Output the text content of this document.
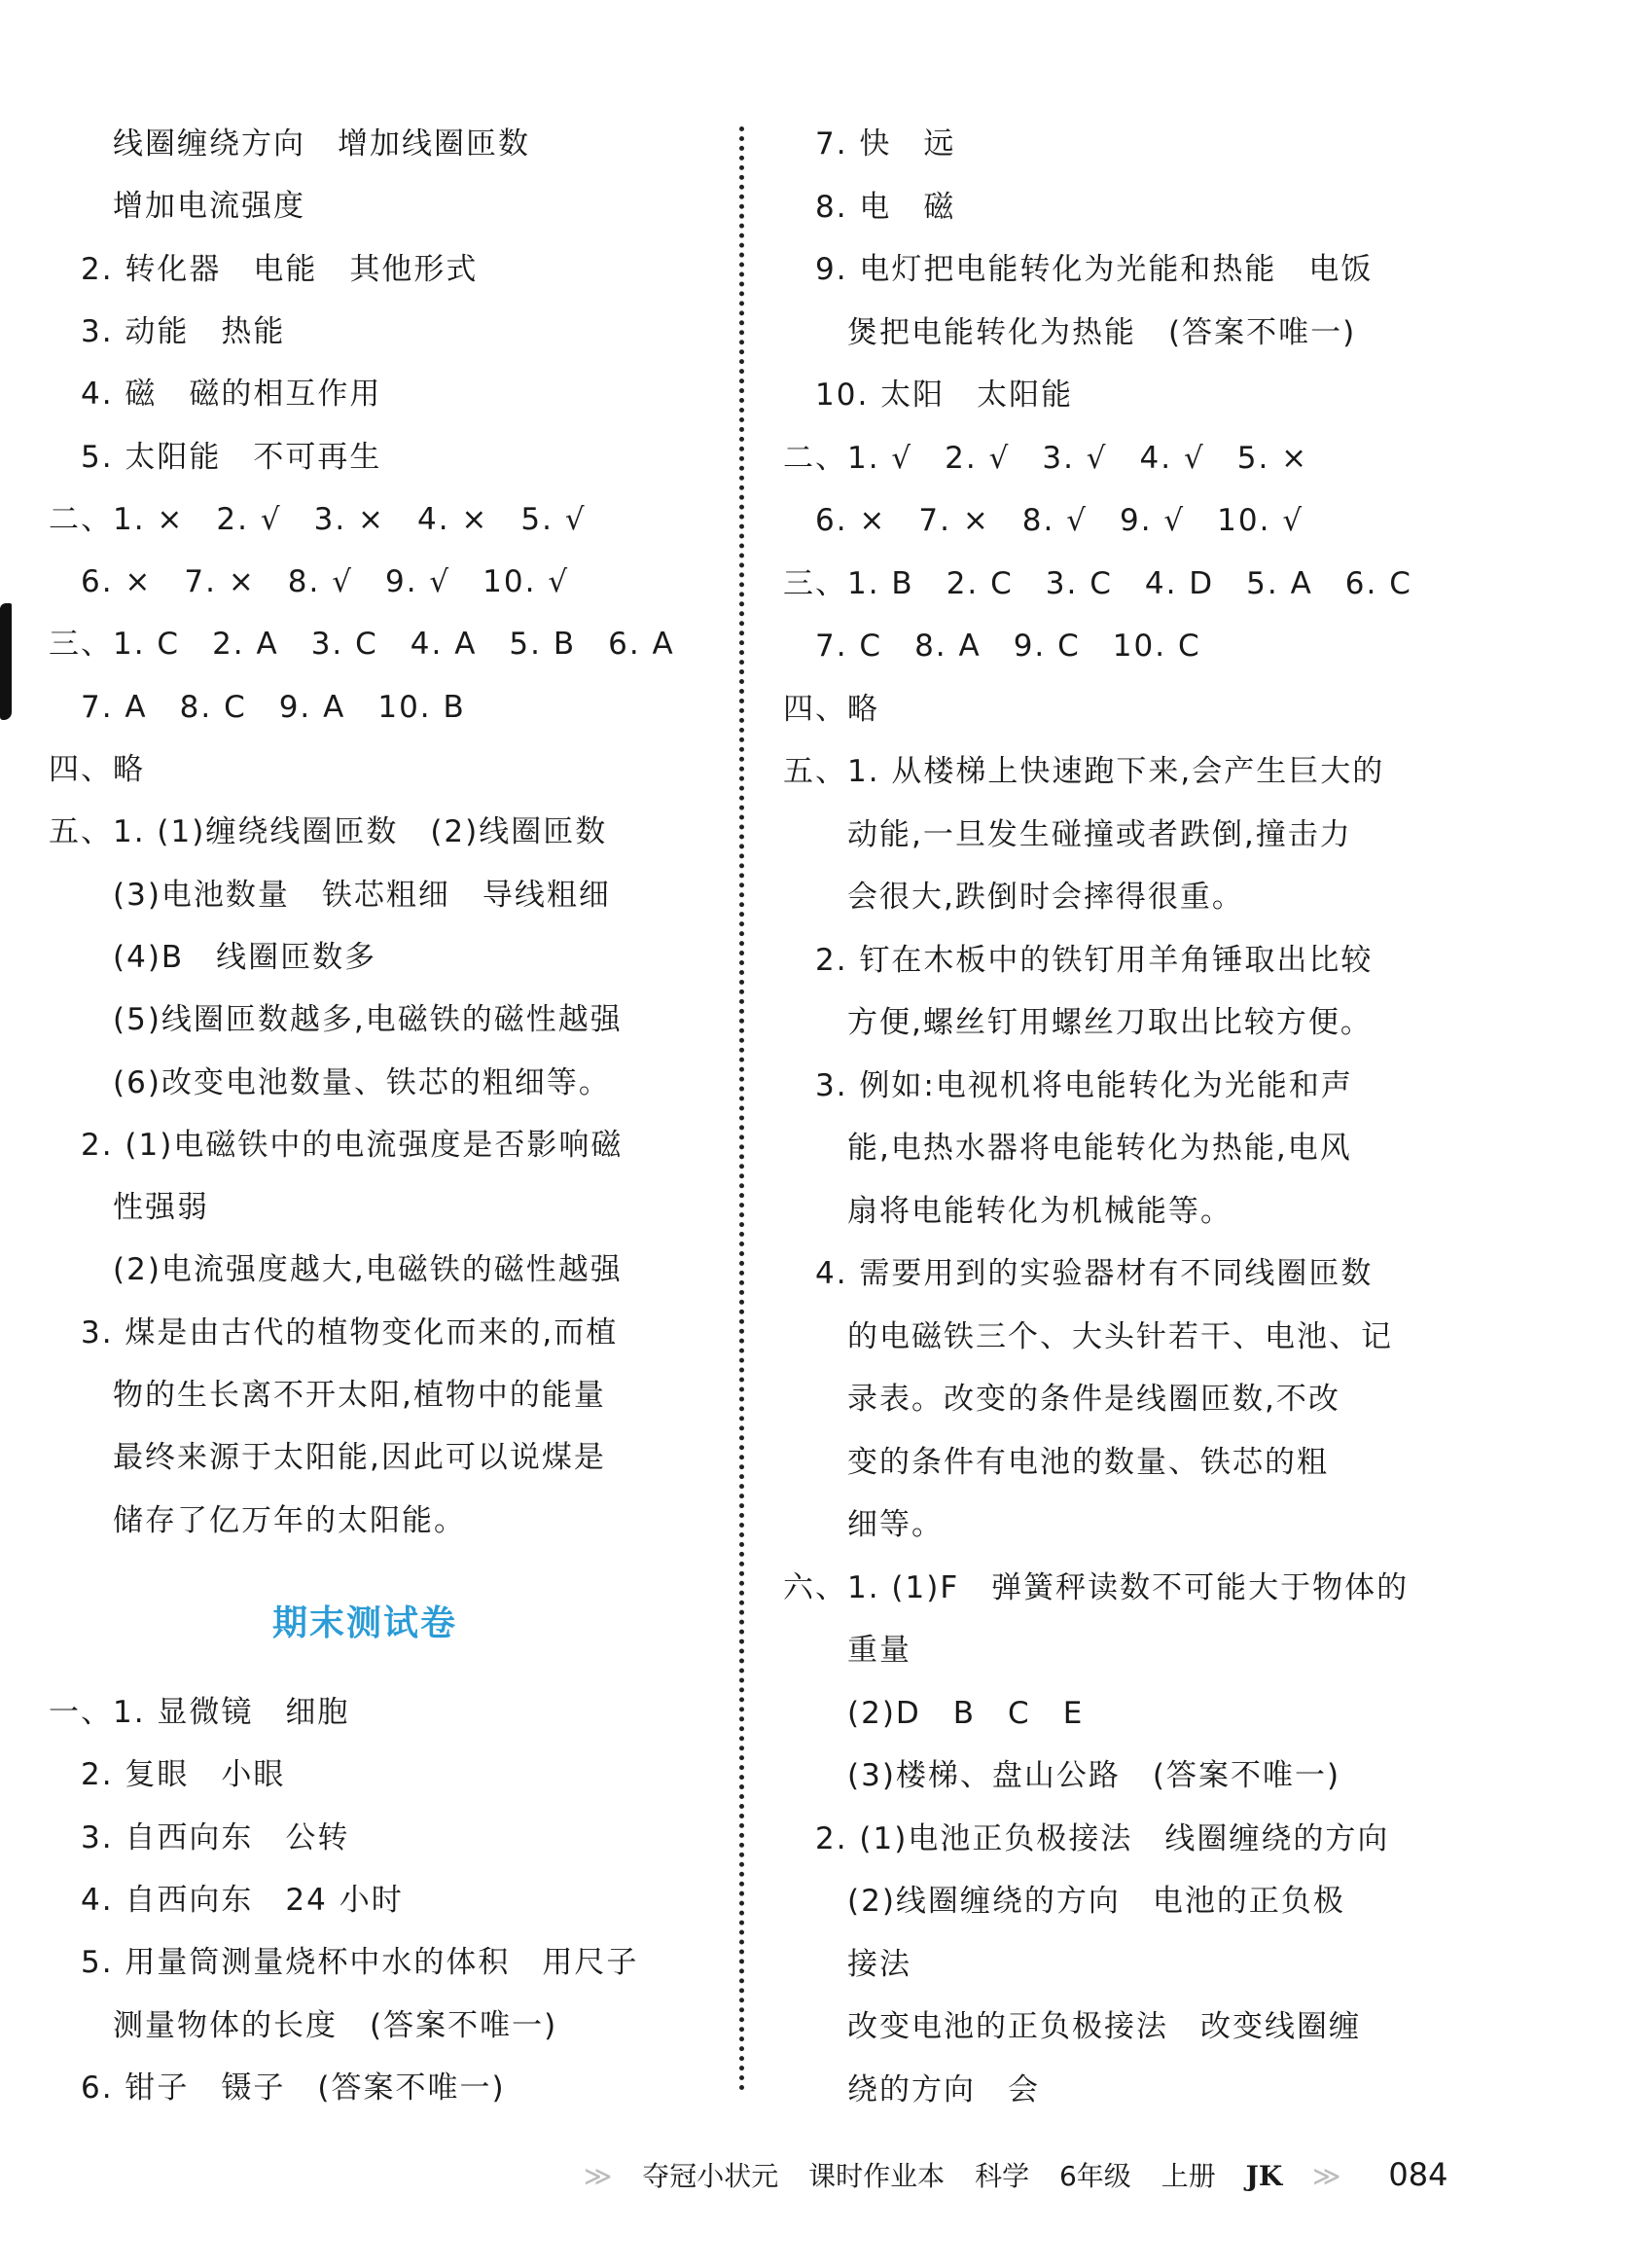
　　线圈缠绕方向　增加线圈匝数
　　增加电流强度
　2. 转化器　电能　其他形式
　3. 动能　热能
　4. 磁　磁的相互作用
　5. 太阳能　不可再生
二、1. ×　2. √　3. ×　4. ×　5. √
　6. ×　7. ×　8. √　9. √　10. √
三、1. C　2. A　3. C　4. A　5. B　6. A
　7. A　8. C　9. A　10. B
四、略
五、1. (1)缠绕线圈匝数　(2)线圈匝数
　　(3)电池数量　铁芯粗细　导线粗细
　　(4)B　线圈匝数多
　　(5)线圈匝数越多,电磁铁的磁性越强
　　(6)改变电池数量、铁芯的粗细等。
　2. (1)电磁铁中的电流强度是否影响磁
　　性强弱
　　(2)电流强度越大,电磁铁的磁性越强
　3. 煤是由古代的植物变化而来的,而植
　　物的生长离不开太阳,植物中的能量
　　最终来源于太阳能,因此可以说煤是
　　储存了亿万年的太阳能。
期末测试卷
一、1. 显微镜　细胞
　2. 复眼　小眼
　3. 自西向东　公转
　4. 自西向东　24 小时
　5. 用量筒测量烧杯中水的体积　用尺子
　　测量物体的长度　(答案不唯一)
　6. 钳子　镊子　(答案不唯一)
　7. 快　远
　8. 电　磁
　9. 电灯把电能转化为光能和热能　电饭
　　煲把电能转化为热能　(答案不唯一)
　10. 太阳　太阳能
二、1. √　2. √　3. √　4. √　5. ×
　6. ×　7. ×　8. √　9. √　10. √
三、1. B　2. C　3. C　4. D　5. A　6. C
　7. C　8. A　9. C　10. C
四、略
五、1. 从楼梯上快速跑下来,会产生巨大的
　　动能,一旦发生碰撞或者跌倒,撞击力
　　会很大,跌倒时会摔得很重。
　2. 钉在木板中的铁钉用羊角锤取出比较
　　方便,螺丝钉用螺丝刀取出比较方便。
　3. 例如:电视机将电能转化为光能和声
　　能,电热水器将电能转化为热能,电风
　　扇将电能转化为机械能等。
　4. 需要用到的实验器材有不同线圈匝数
　　的电磁铁三个、大头针若干、电池、记
　　录表。改变的条件是线圈匝数,不改
　　变的条件有电池的数量、铁芯的粗
　　细等。
六、1. (1)F　弹簧秤读数不可能大于物体的
　　重量
　　(2)D　B　C　E
　　(3)楼梯、盘山公路　(答案不唯一)
　2. (1)电池正负极接法　线圈缠绕的方向
　　(2)线圈缠绕的方向　电池的正负极
　　接法
　　改变电池的正负极接法　改变线圈缠
　　绕的方向　会
≫ 夺冠小状元 课时作业本 科学 6年级 上册 JK ≫ 084
